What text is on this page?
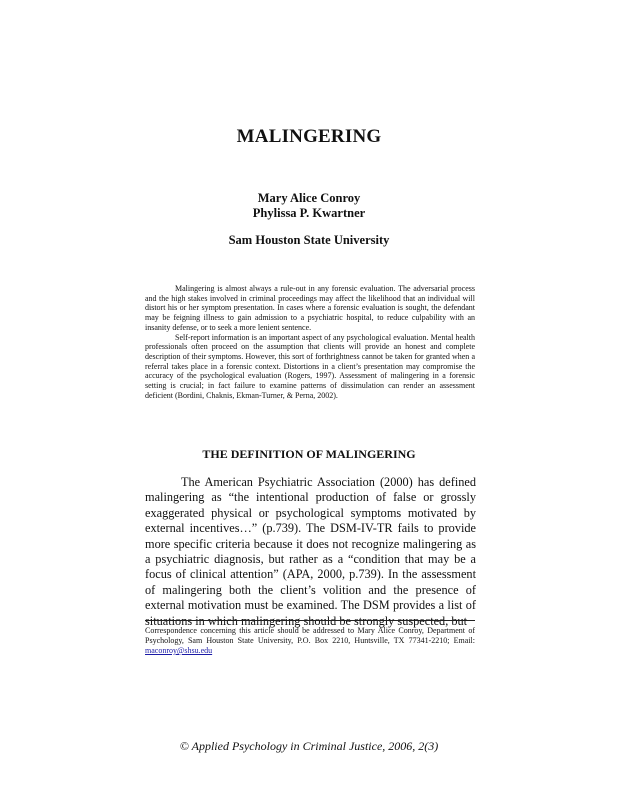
MALINGERING
Mary Alice Conroy
Phylissa P. Kwartner
Sam Houston State University

Malingering is almost always a rule-out in any forensic evaluation. The adversarial process and the high stakes involved in criminal proceedings may affect the likelihood that an individual will distort his or her symptom presentation. In cases where a forensic evaluation is sought, the defendant may be feigning illness to gain admission to a psychiatric hospital, to reduce culpability with an insanity defense, or to seek a more lenient sentence.

Self-report information is an important aspect of any psychological evaluation. Mental health professionals often proceed on the assumption that clients will provide an honest and complete description of their symptoms. However, this sort of forthrightness cannot be taken for granted when a referral takes place in a forensic context. Distortions in a client’s presentation may compromise the accuracy of the psychological evaluation (Rogers, 1997). Assessment of malingering in a forensic setting is crucial; in fact failure to examine patterns of dissimulation can render an assessment deficient (Bordini, Chaknis, Ekman-Turner, & Perna, 2002).

THE DEFINITION OF MALINGERING

The American Psychiatric Association (2000) has defined malingering as “the intentional production of false or grossly exaggerated physical or psychological symptoms motivated by external incentives…” (p.739). The DSM-IV-TR fails to provide more specific criteria because it does not recognize malingering as a psychiatric diagnosis, but rather as a “condition that may be a focus of clinical attention” (APA, 2000, p.739). In the assessment of malingering both the client’s volition and the presence of external motivation must be examined. The DSM provides a list of situations in which malingering should be strongly suspected, but

Correspondence concerning this article should be addressed to Mary Alice Conroy, Department of Psychology, Sam Houston State University, P.O. Box 2210, Huntsville, TX 77341-2210; Email: maconroy@shsu.edu
© Applied Psychology in Criminal Justice, 2006, 2(3)
